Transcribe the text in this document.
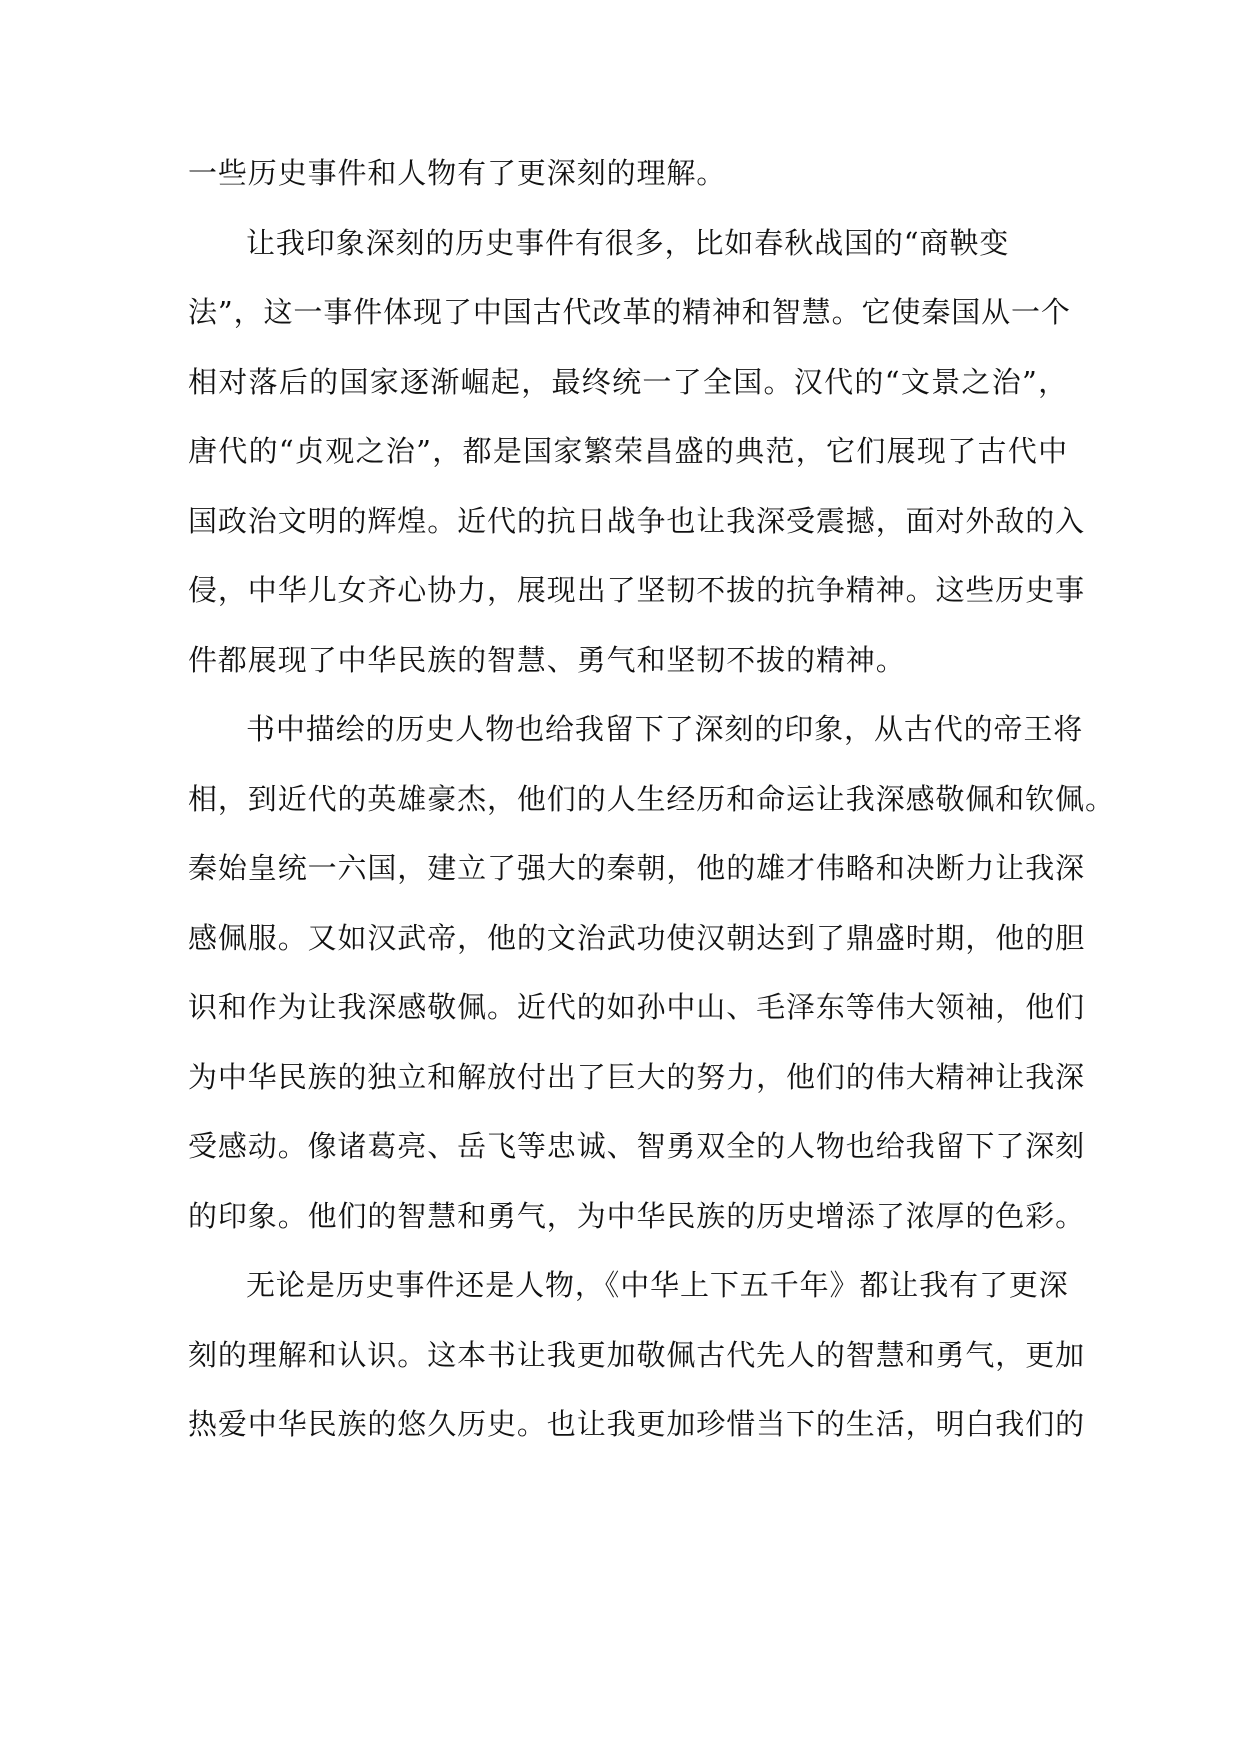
一些历史事件和人物有了更深刻的理解。
让我印象深刻的历史事件有很多，比如春秋战国的“商鞅变
法”，这一事件体现了中国古代改革的精神和智慧。它使秦国从一个
相对落后的国家逐渐崛起，最终统一了全国。汉代的“文景之治”，
唐代的“贞观之治”，都是国家繁荣昌盛的典范，它们展现了古代中
国政治文明的辉煌。近代的抗日战争也让我深受震撼，面对外敌的入
侵，中华儿女齐心协力，展现出了坚韧不拔的抗争精神。这些历史事
件都展现了中华民族的智慧、勇气和坚韧不拔的精神。
书中描绘的历史人物也给我留下了深刻的印象，从古代的帝王将
相，到近代的英雄豪杰，他们的人生经历和命运让我深感敬佩和钦佩。
秦始皇统一六国，建立了强大的秦朝，他的雄才伟略和决断力让我深
感佩服。又如汉武帝，他的文治武功使汉朝达到了鼎盛时期，他的胆
识和作为让我深感敬佩。近代的如孙中山、毛泽东等伟大领袖，他们
为中华民族的独立和解放付出了巨大的努力，他们的伟大精神让我深
受感动。像诸葛亮、岳飞等忠诚、智勇双全的人物也给我留下了深刻
的印象。他们的智慧和勇气，为中华民族的历史增添了浓厚的色彩。
无论是历史事件还是人物，《中华上下五千年》都让我有了更深
刻的理解和认识。这本书让我更加敬佩古代先人的智慧和勇气，更加
热爱中华民族的悠久历史。也让我更加珍惜当下的生活，明白我们的
